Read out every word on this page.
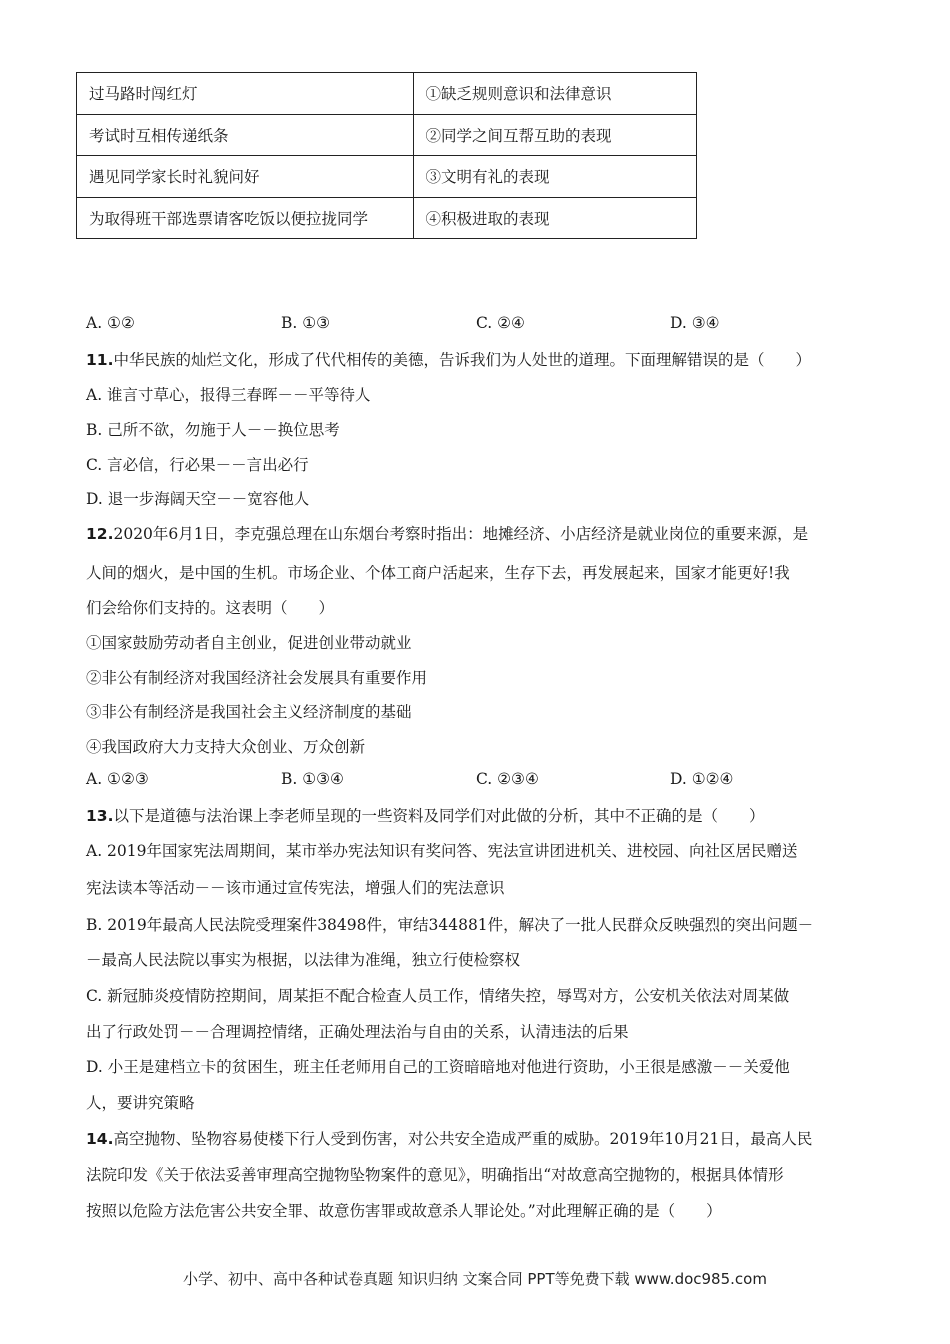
过马路时闯红灯	①缺乏规则意识和法律意识
考试时互相传递纸条	②同学之间互帮互助的表现
遇见同学家长时礼貌问好	③文明有礼的表现
为取得班干部选票请客吃饭以便拉拢同学	④积极进取的表现
A. ①②	B. ①③	C. ②④	D. ③④
11.中华民族的灿烂文化，形成了代代相传的美德，告诉我们为人处世的道理。下面理解错误的是（　　）
A. 谁言寸草心，报得三春晖－－平等待人
B. 己所不欲，勿施于人－－换位思考
C. 言必信，行必果－－言出必行
D. 退一步海阔天空－－宽容他人
12.2020年6月1日，李克强总理在山东烟台考察时指出：地摊经济、小店经济是就业岗位的重要来源，是
人间的烟火，是中国的生机。市场企业、个体工商户活起来，生存下去，再发展起来，国家才能更好!我
们会给你们支持的。这表明（　　）
①国家鼓励劳动者自主创业，促进创业带动就业
②非公有制经济对我国经济社会发展具有重要作用
③非公有制经济是我国社会主义经济制度的基础
④我国政府大力支持大众创业、万众创新
A. ①②③	B. ①③④	C. ②③④	D. ①②④
13.以下是道德与法治课上李老师呈现的一些资料及同学们对此做的分析，其中不正确的是（　　）
A. 2019年国家宪法周期间，某市举办宪法知识有奖问答、宪法宣讲团进机关、进校园、向社区居民赠送
宪法读本等活动－－该市通过宣传宪法，增强人们的宪法意识
B. 2019年最高人民法院受理案件38498件，审结344881件，解决了一批人民群众反映强烈的突出问题－
－最高人民法院以事实为根据，以法律为准绳，独立行使检察权
C. 新冠肺炎疫情防控期间，周某拒不配合检查人员工作，情绪失控，辱骂对方，公安机关依法对周某做
出了行政处罚－－合理调控情绪，正确处理法治与自由的关系，认清违法的后果
D. 小王是建档立卡的贫困生，班主任老师用自己的工资暗暗地对他进行资助，小王很是感激－－关爱他
人，要讲究策略
14.高空抛物、坠物容易使楼下行人受到伤害，对公共安全造成严重的威胁。2019年10月21日，最高人民
法院印发《关于依法妥善审理高空抛物坠物案件的意见》，明确指出“对故意高空抛物的，根据具体情形
按照以危险方法危害公共安全罪、故意伤害罪或故意杀人罪论处。”对此理解正确的是（　　）
小学、初中、高中各种试卷真题 知识归纳 文案合同 PPT等免费下载 www.doc985.com
